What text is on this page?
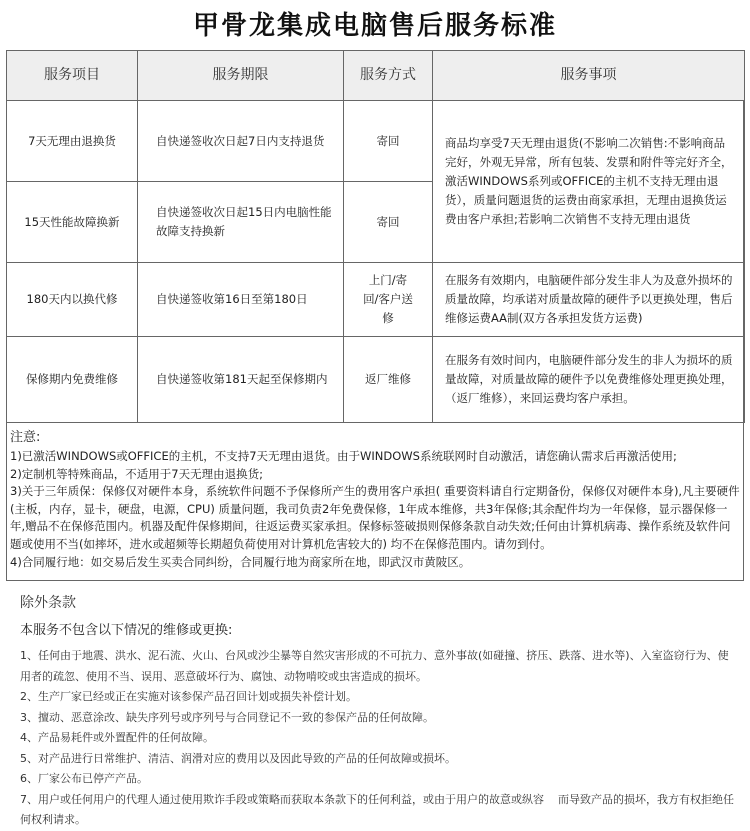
甲骨龙集成电脑售后服务标准
服务项目	服务期限	服务方式	服务事项
7天无理由退换货	自快递签收次日起7日内支持退货	寄回	商品均享受7天无理由退货(不影响二次销售:不影响商品完好，外观无异常，所有包装、发票和附件等完好齐全，激活WINDOWS系列或OFFICE的主机不支持无理由退货），质量问题退货的运费由商家承担，无理由退换货运费由客户承担;若影响二次销售不支持无理由退货
15天性能故障换新	自快递签收次日起15日内电脑性能故障支持换新	寄回	
180天内以换代修	自快递签收第16日至第180日	上门/寄回/客户送修	在服务有效期内，电脑硬件部分发生非人为及意外损坏的质量故障，均承诺对质量故障的硬件予以更换处理，售后维修运费AA制(双方各承担发货方运费)
保修期内免费维修	自快递签收第181天起至保修期内	返厂维修	在服务有效时间内，电脑硬件部分发生的非人为损坏的质量故障，对质量故障的硬件予以免费维修处理更换处理，（返厂维修），来回运费均客户承担。
注意:
1)已激活WINDOWS或OFFICE的主机，不支持7天无理由退货。由于WINDOWS系统联网时自动激活，请您确认需求后再激活使用;
2)定制机等特殊商品，不适用于7天无理由退换货;
3)关于三年质保：保修仅对硬件本身，系统软件问题不予保修所产生的费用客户承担( 重要资料请自行定期备份，保修仅对硬件本身),凡主要硬件(主板，内存，显卡，硬盘，电源，CPU) 质量问题，我司负责2年免费保修，1年成本维修，共3年保修;其余配件均为一年保修，显示器保修一年,赠品不在保修范围内。机器及配件保修期间，往返运费买家承担。保修标签破损则保修条款自动失效;任何由计算机病毒、操作系统及软件问题或使用不当(如摔坏，进水或超频等长期超负荷使用对计算机危害较大的) 均不在保修范围内。请勿到付。
4)合同履行地：如交易后发生买卖合同纠纷，合同履行地为商家所在地，即武汉市黄陂区。
除外条款
本服务不包含以下情况的维修或更换:
1、任何由于地震、洪水、泥石流、火山、台风或沙尘暴等自然灾害形成的不可抗力、意外事故(如碰撞、挤压、跌落、进水等)、入室盗窃行为、使用者的疏忽、使用不当、误用、恶意破坏行为、腐蚀、动物啃咬或虫害造成的损坏。
2、生产厂家已经或正在实施对该参保产品召回计划或损失补偿计划。
3、擅动、恶意涂改、缺失序列号或序列号与合同登记不一致的参保产品的任何故障。
4、产品易耗件或外置配件的任何故障。
5、对产品进行日常维护、清洁、润滑对应的费用以及因此导致的产品的任何故障或损坏。
6、厂家公布已停产产品。
7、用户或任何用户的代理人通过使用欺诈手段或策略而获取本条款下的任何利益，或由于用户的故意或纵容    而导致产品的损坏，我方有权拒绝任何权利请求。
